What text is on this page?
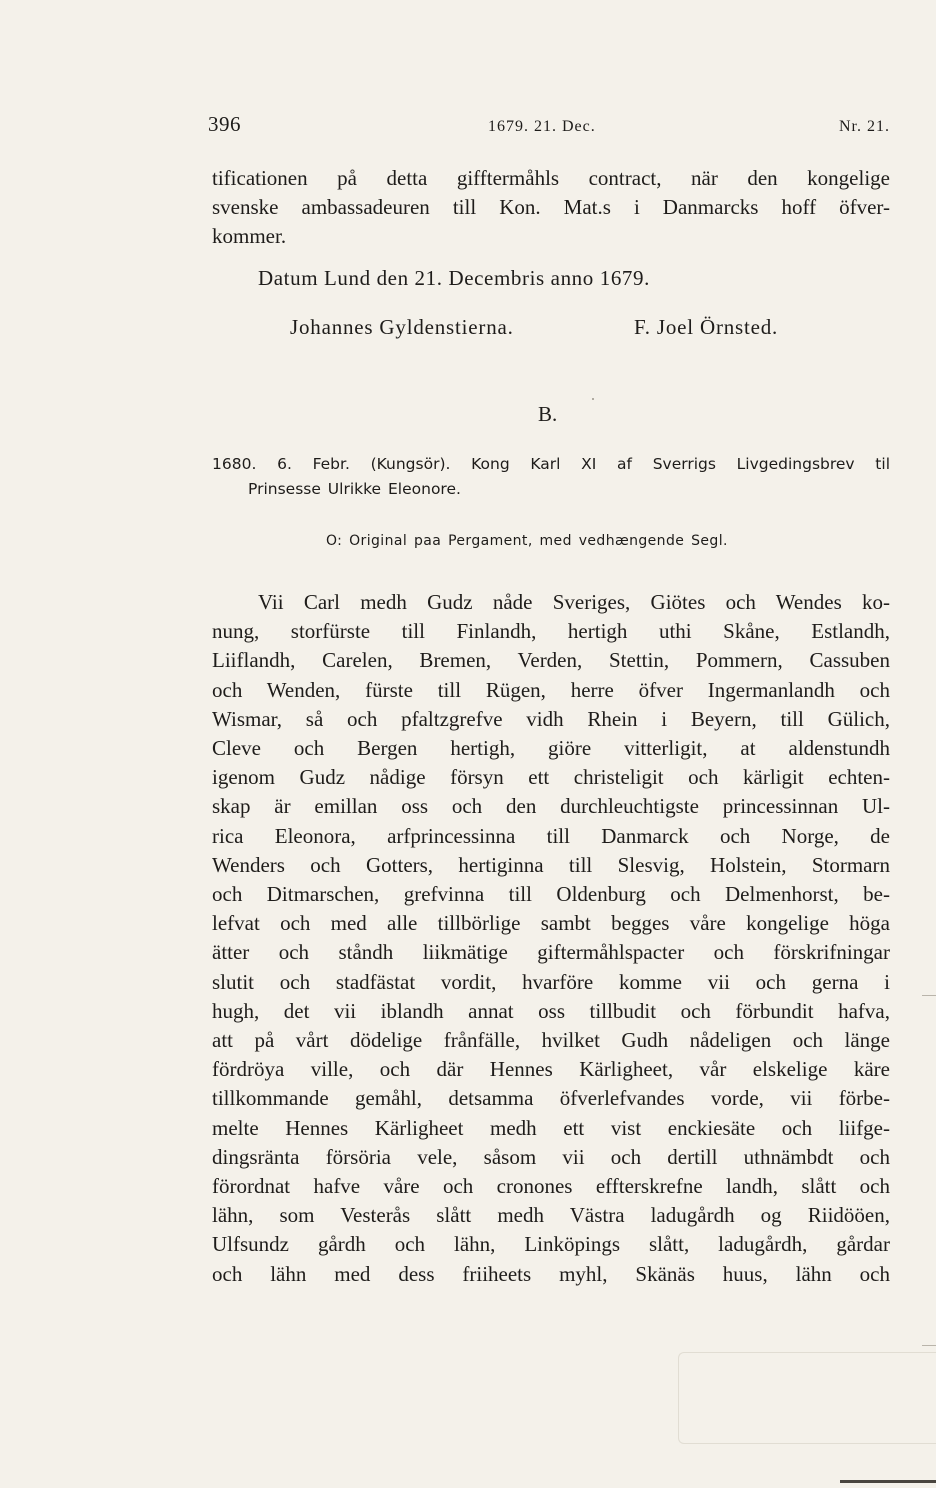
396	1679. 21. Dec.	Nr. 21.
tificationen på detta gifftermåhls contract, när den kongelige
svenske ambassadeuren till Kon. Mat.s i Danmarcks hoff öfver-
kommer.
Datum Lund den 21. Decembris anno 1679.
Johannes Gyldenstierna.	F. Joel Örnsted.
B.
1680. 6. Febr. (Kungsör). Kong Karl XI af Sverrigs Livgedingsbrev til
Prinsesse Ulrikke Eleonore.
O: Original paa Pergament, med vedhængende Segl.
Vii Carl medh Gudz nåde Sveriges, Giötes och Wendes ko-
nung, storfürste till Finlandh, hertigh uthi Skåne, Estlandh,
Liiflandh, Carelen, Bremen, Verden, Stettin, Pommern, Cassuben
och Wenden, fürste till Rügen, herre öfver Ingermanlandh och
Wismar, så och pfaltzgrefve vidh Rhein i Beyern, till Gülich,
Cleve och Bergen hertigh, giöre vitterligit, at aldenstundh
igenom Gudz nådige försyn ett christeligit och kärligit echten-
skap är emillan oss och den durchleuchtigste princessinnan Ul-
rica Eleonora, arfprincessinna till Danmarck och Norge, de
Wenders och Gotters, hertiginna till Slesvig, Holstein, Stormarn
och Ditmarschen, grefvinna till Oldenburg och Delmenhorst, be-
lefvat och med alle tillbörlige sambt begges våre kongelige höga
ätter och ståndh liikmätige giftermåhlspacter och förskrifningar
slutit och stadfästat vordit, hvarföre komme vii och gerna i
hugh, det vii iblandh annat oss tillbudit och förbundit hafva,
att på vårt dödelige frånfälle, hvilket Gudh nådeligen och länge
fördröya ville, och där Hennes Kärligheet, vår elskelige käre
tillkommande gemåhl, detsamma öfverlefvandes vorde, vii förbe-
melte Hennes Kärligheet medh ett vist enckiesäte och liifge-
dingsränta försöria vele, såsom vii och dertill uthnämbdt och
förordnat hafve våre och cronones effterskrefne landh, slått och
lähn, som Vesterås slått medh Västra ladugårdh og Riidööen,
Ulfsundz gårdh och lähn, Linköpings slått, ladugårdh, gårdar
och lähn med dess friiheets myhl, Skänäs huus, lähn och
